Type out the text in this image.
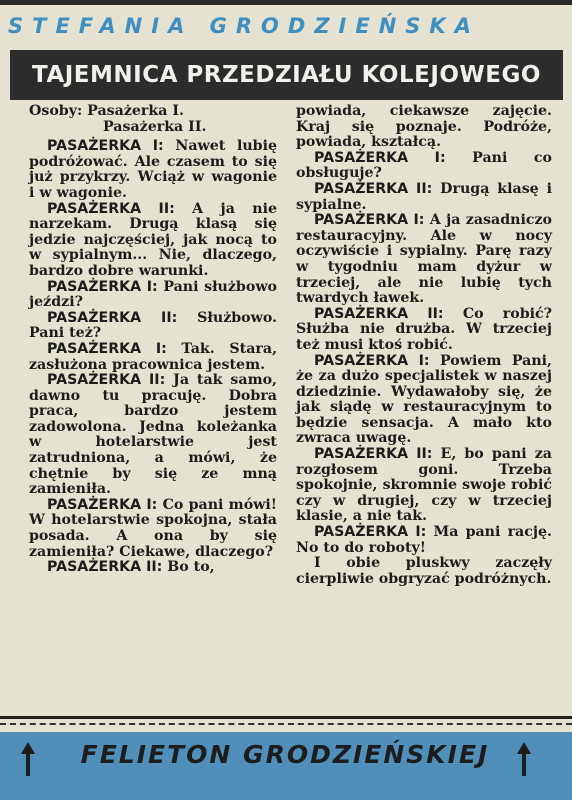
STEFANIA GRODZIEŃSKA
TAJEMNICA PRZEDZIAŁU KOLEJOWEGO
Osoby: Pasażerka I.
Pasażerka II.

PASAŻERKA I: Nawet lubię podróżować. Ale czasem to się już przykrzy. Wciąż w wagonie i w wagonie.

PASAŻERKA II: A ja nie narzekam. Drugą klasą się jedzie najczęściej, jak nocą to w sypialnym... Nie, dlaczego, bardzo dobre warunki.

PASAŻERKA I: Pani służbowo jeździ?

PASAŻERKA II: Służbowo. Pani też?

PASAŻERKA I: Tak. Stara, zasłużona pracownica jestem.

PASAŻERKA II: Ja tak samo, dawno tu pracuję. Dobra praca, bardzo jestem zadowolona. Jedna koleżanka w hotelarstwie jest zatrudniona, a mówi, że chętnie by się ze mną zamieniła.

PASAŻERKA I: Co pani mówi! W hotelarstwie spokojna, stała posada. A ona by się zamieniła? Ciekawe, dlaczego?

PASAŻERKA II: Bo to,

powiada, ciekawsze zajęcie. Kraj się poznaje. Podróże, powiada, kształcą.

PASAŻERKA I: Pani co obsługuje?

PASAŻERKA II: Drugą klasę i sypialne.

PASAŻERKA I: A ja zasadniczo restauracyjny. Ale w nocy oczywiście i sypialny. Parę razy w tygodniu mam dyżur w trzeciej, ale nie lubię tych twardych ławek.

PASAŻERKA II: Co robić? Służba nie drużba. W trzeciej też musi ktoś robić.

PASAŻERKA I: Powiem Pani, że za dużo specjalistek w naszej dziedzinie. Wydawałoby się, że jak siądę w restauracyjnym to będzie sensacja. A mało kto zwraca uwagę.

PASAŻERKA II: E, bo pani za rozgłosem goni. Trzeba spokojnie, skromnie swoje robić czy w drugiej, czy w trzeciej klasie, a nie tak.

PASAŻERKA I: Ma pani rację. No to do roboty!

I obie pluskwy zaczęły cierpliwie obgryzać podróżnych.

FELIETON GRODZIEŃSKIEJ
